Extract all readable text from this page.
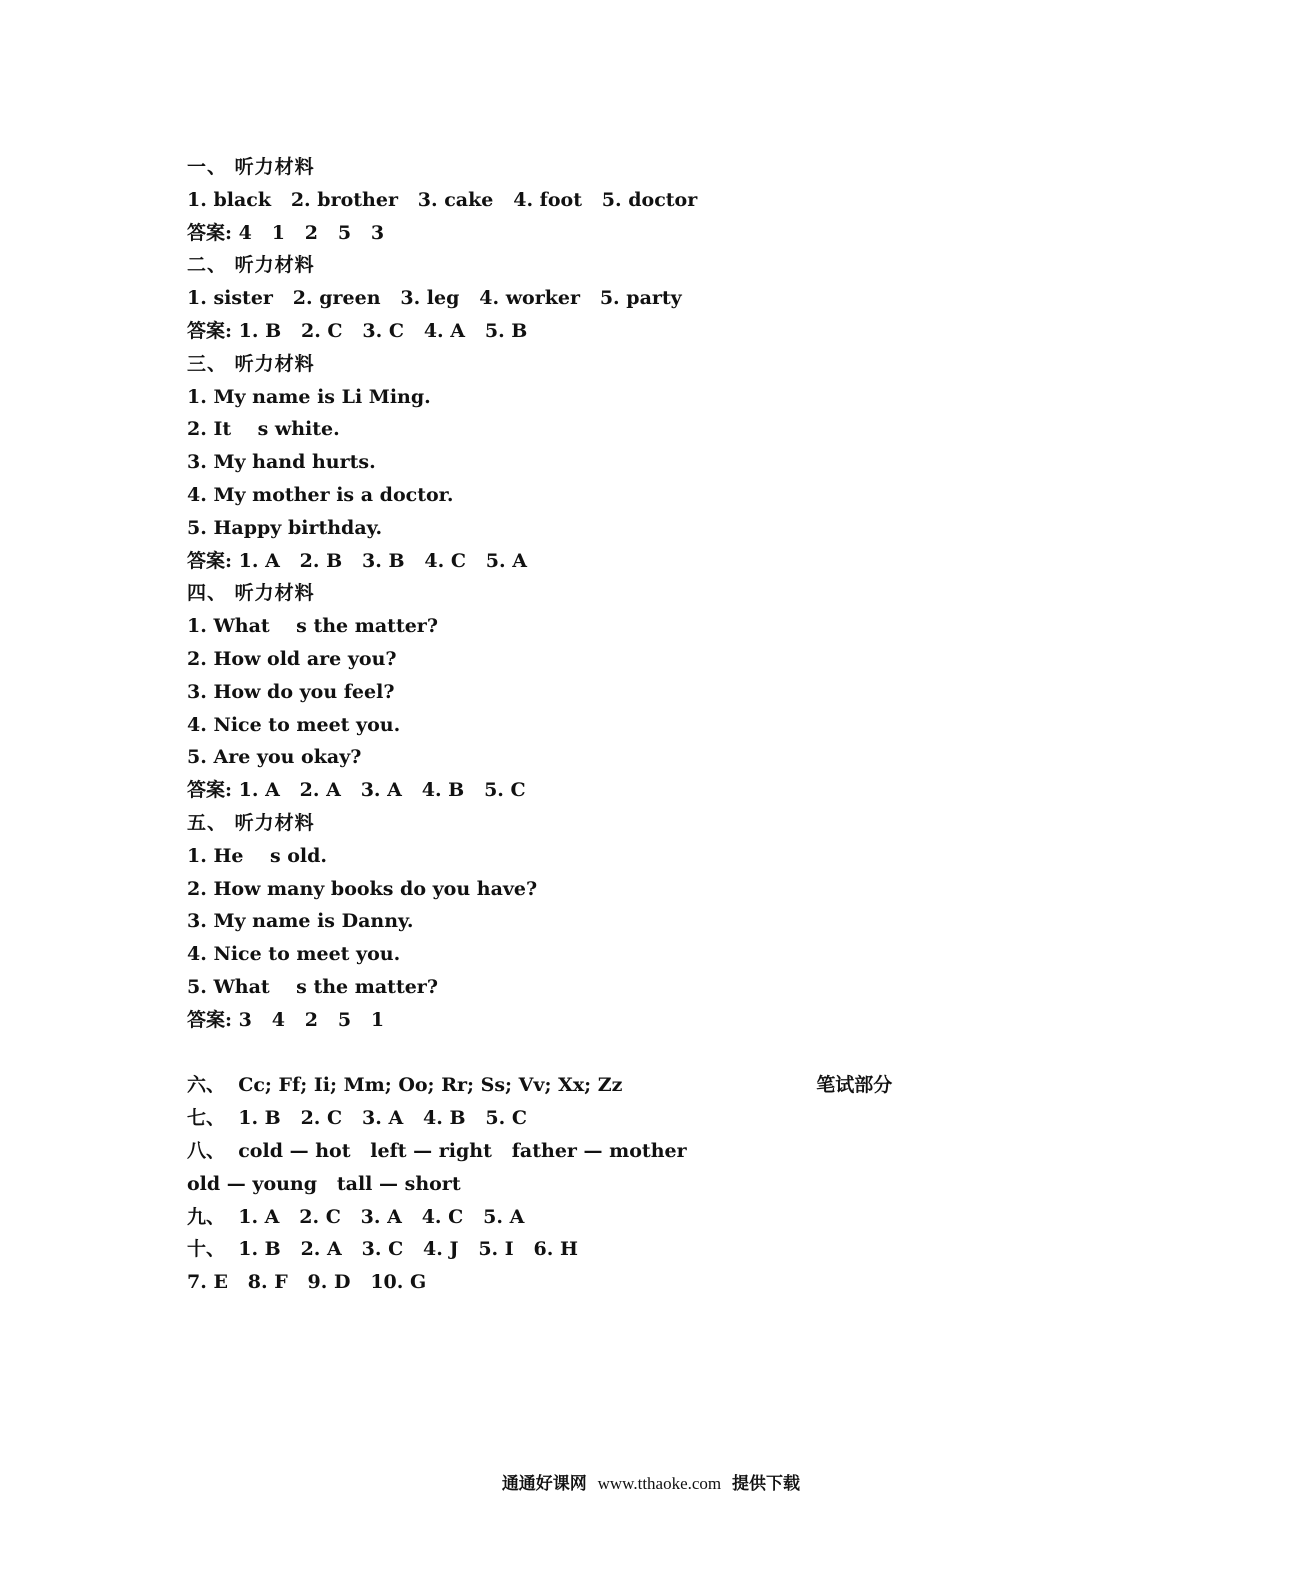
一、 听力材料
1. black   2. brother   3. cake   4. foot   5. doctor
答案: 4   1   2   5   3
二、 听力材料
1. sister   2. green   3. leg   4. worker   5. party
答案: 1. B   2. C   3. C   4. A   5. B
三、 听力材料
1. My name is Li Ming.
2. It    s white.
3. My hand hurts.
4. My mother is a doctor.
5. Happy birthday.
答案: 1. A   2. B   3. B   4. C   5. A
四、 听力材料
1. What    s the matter?
2. How old are you?
3. How do you feel?
4. Nice to meet you.
5. Are you okay?
答案: 1. A   2. A   3. A   4. B   5. C
五、 听力材料
1. He    s old.
2. How many books do you have?
3. My name is Danny.
4. Nice to meet you.
5. What    s the matter?
答案: 3   4   2   5   1

笔试部分

六、  Cc; Ff; Ii; Mm; Oo; Rr; Ss; Vv; Xx; Zz
七、  1. B   2. C   3. A   4. B   5. C
八、  cold — hot   left — right   father — mother
old — young   tall — short
九、  1. A   2. C   3. A   4. C   5. A
十、  1. B   2. A   3. C   4. J   5. I   6. H
7. E   8. F   9. D   10. G

通通好课网 www.tthaoke.com 提供下载
